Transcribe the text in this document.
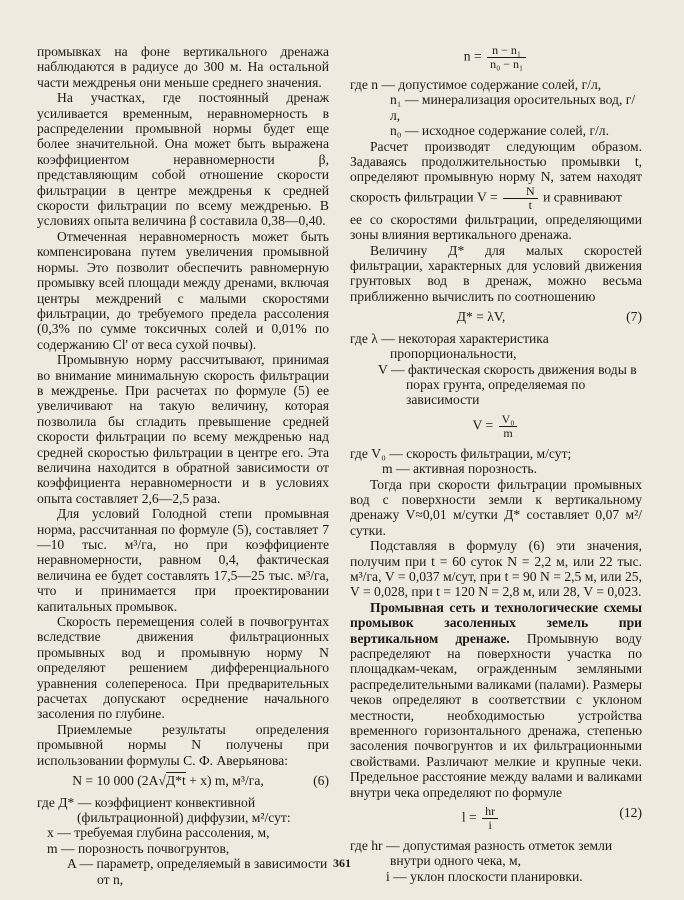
промывках на фоне вертикального дренажа наблюдаются в радиусе до 300 м. На остальной части междренья они меньше среднего значения.

На участках, где постоянный дренаж усиливается временным, неравномерность в распределении промывной нормы будет еще более значительной. Она может быть выражена коэффициентом неравномерности β, представляющим собой отношение скорости фильтрации в центре междренья к средней скорости фильтрации по всему междренью. В условиях опыта величина β составила 0,38—0,40.

Отмеченная неравномерность может быть компенсирована путем увеличения промывной нормы. Это позволит обеспечить равномерную промывку всей площади между дренами, включая центры междрений с малыми скоростями фильтрации, до требуемого предела рассоления (0,3% по сумме токсичных солей и 0,01% по содержанию Cl' от веса сухой почвы).

Промывную норму рассчитывают, принимая во внимание минимальную скорость фильтрации в междренье. При расчетах по формуле (5) ее увеличивают на такую величину, которая позволила бы сгладить превышение средней скорости фильтрации по всему междренью над средней скоростью фильтрации в центре его. Эта величина находится в обратной зависимости от коэффициента неравномерности и в условиях опыта составляет 2,6—2,5 раза.

Для условий Голодной степи промывная норма, рассчитанная по формуле (5), составляет 7—10 тыс. м³/га, но при коэффициенте неравномерности, равном 0,4, фактическая величина ее будет составлять 17,5—25 тыс. м³/га, что и принимается при проектировании капитальных промывок.

Скорость перемещения солей в почвогрунтах вследствие движения фильтрационных промывных вод и промывную норму N определяют решением дифференциального уравнения солепереноса. При предварительных расчетах допускают осреднение начального засоления по глубине.

Приемлемые результаты определения промывной нормы N получены при использовании формулы С. Ф. Аверьянова:

N = 10 000 (2A√Д*t + x) m, м³/га,	(6)

где Д* — коэффициент конвективной (фильтрационной) диффузии, м²/сут:

x — требуемая глубина рассоления, м,

m — порозность почвогрунтов,

A — параметр, определяемый в зависимости от n,

$n = \frac{\text{n − n₁}}{\text{n₀ − n₁}}$

где n — допустимое содержание солей, г/л,

n₁ — минерализация оросительных вод, г/л,

n₀ — исходное содержание солей, г/л.

Расчет производят следующим образом. Задаваясь продолжительностью промывки t, определяют промывную норму N, затем находят скорость фильтрации $V = \frac{N}{t}$ и сравнивают

ее со скоростями фильтрации, определяющими зоны влияния вертикального дренажа.

Величину Д* для малых скоростей фильтрации, характерных для условий движения грунтовых вод в дренаж, можно весьма приближенно вычислить по соотношению

Д* = λV,	(7)

где λ — некоторая характеристика пропорциональности,

V — фактическая скорость движения воды в порах грунта, определяемая по зависимости

$V = \frac{\text{V₀}}{m}$

где V₀ — скорость фильтрации, м/сут;

m — активная порозность.

Тогда при скорости фильтрации промывных вод с поверхности земли к вертикальному дренажу V≈0,01 м/сутки Д* составляет 0,07 м²/сутки.

Подставляя в формулу (6) эти значения, получим при t = 60 суток N = 2,2 м, или 22 тыс. м³/га, V = 0,037 м/сут, при t = 90 N = 2,5 м, или 25, V = 0,028, при t = 120 N = 2,8 м, или 28, V = 0,023.

Промывная сеть и технологические схемы промывок засоленных земель при вертикальном дренаже. Промывную воду распределяют на поверхности участка по площадкам-чекам, огражденным земляными распределительными валиками (палами). Размеры чеков определяют в соответствии с уклоном местности, необходимостью устройства временного горизонтального дренажа, степенью засоления почвогрунтов и их фильтрационными свойствами. Различают мелкие и крупные чеки. Предельное расстояние между валами и валиками внутри чека определяют по формуле

$l = \frac{hr}{i}$	(12)

где hr — допустимая разность отметок земли внутри одного чека, м,

i — уклон плоскости планировки.

361
